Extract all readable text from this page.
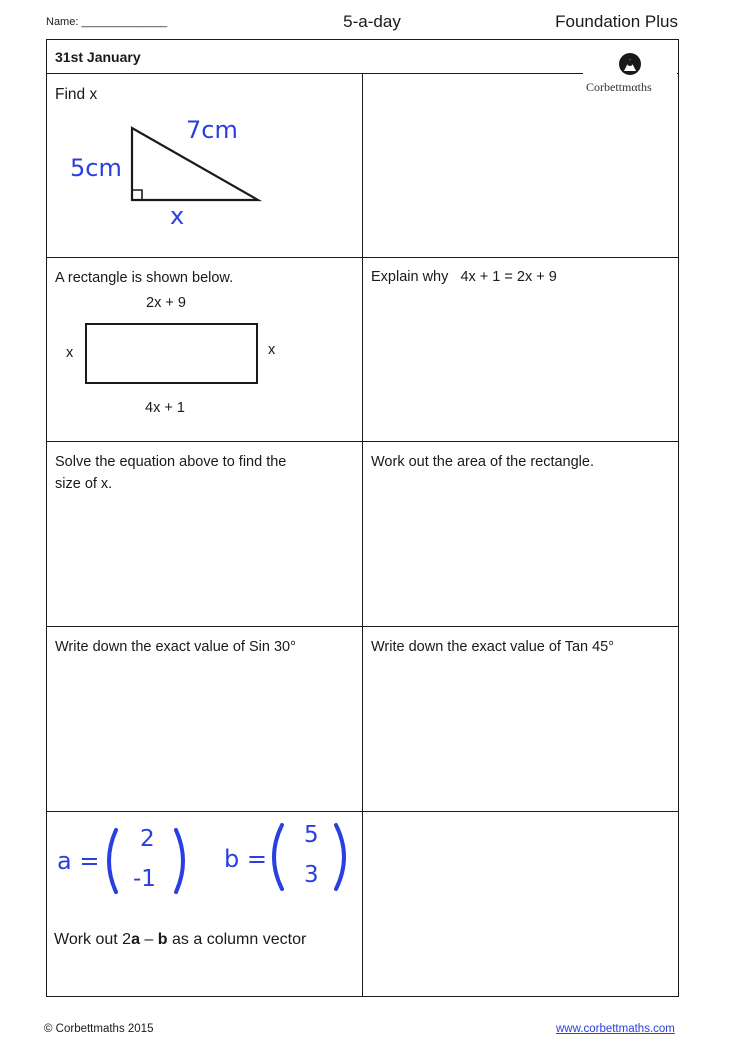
Name: ______________	5-a-day	Foundation Plus
31st January
Corbettmαths
Find x
7cm
5cm
x
A rectangle is shown below.
2x + 9
x	x
4x + 1
Explain why   4x + 1 = 2x + 9
Solve the equation above to find the
size of x.
Work out the area of the rectangle.
Write down the exact value of Sin 30°	Write down the exact value of Tan 45°
a =
2
-1
b =
5
3
Work out 2a – b as a column vector
© Corbettmaths 2015	www.corbettmaths.com
